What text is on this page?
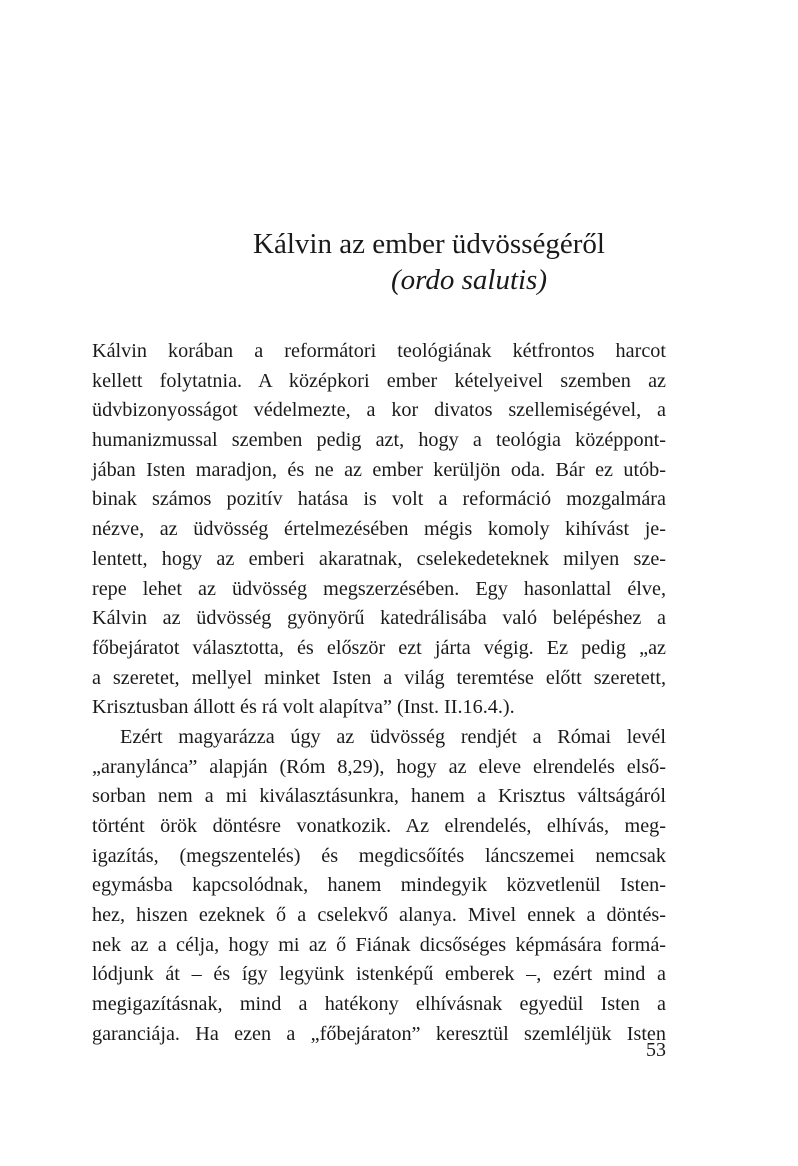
Kálvin az ember üdvösségéről
(ordo salutis)
Kálvin korában a reformátori teológiának kétfrontos harcot
kellett folytatnia. A középkori ember kételyeivel szemben az
üdvbizonyosságot védelmezte, a kor divatos szellemiségével, a
humanizmussal szemben pedig azt, hogy a teológia középpont-
jában Isten maradjon, és ne az ember kerüljön oda. Bár ez utób-
binak számos pozitív hatása is volt a reformáció mozgalmára
nézve, az üdvösség értelmezésében mégis komoly kihívást je-
lentett, hogy az emberi akaratnak, cselekedeteknek milyen sze-
repe lehet az üdvösség megszerzésében. Egy hasonlattal élve,
Kálvin az üdvösség gyönyörű katedrálisába való belépéshez a
főbejáratot választotta, és először ezt járta végig. Ez pedig „az
a szeretet, mellyel minket Isten a világ teremtése előtt szeretett,
Krisztusban állott és rá volt alapítva” (Inst. II.16.4.).
Ezért magyarázza úgy az üdvösség rendjét a Római levél
„aranylánca” alapján (Róm 8,29), hogy az eleve elrendelés első-
sorban nem a mi kiválasztásunkra, hanem a Krisztus váltságáról
történt örök döntésre vonatkozik. Az elrendelés, elhívás, meg-
igazítás, (megszentelés) és megdicsőítés láncszemei nemcsak
egymásba kapcsolódnak, hanem mindegyik közvetlenül Isten-
hez, hiszen ezeknek ő a cselekvő alanya. Mivel ennek a döntés-
nek az a célja, hogy mi az ő Fiának dicsőséges képmására formá-
lódjunk át – és így legyünk istenképű emberek –, ezért mind a
megigazításnak, mind a hatékony elhívásnak egyedül Isten a
garanciája. Ha ezen a „főbejáraton” keresztül szemléljük Isten
53
